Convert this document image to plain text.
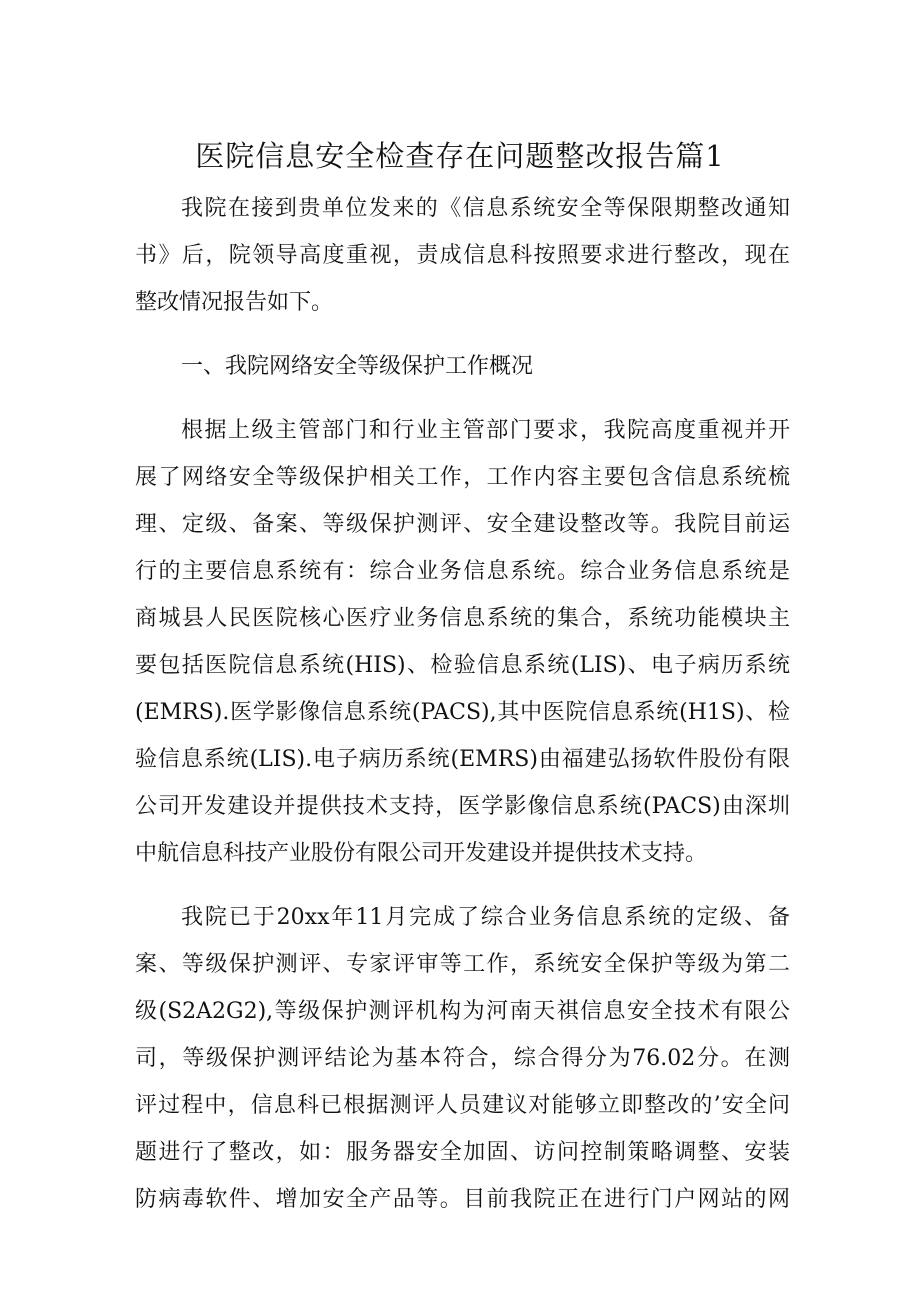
医院信息安全检查存在问题整改报告篇1
我院在接到贵单位发来的《信息系统安全等保限期整改通知
书》后，院领导高度重视，责成信息科按照要求进行整改，现在
整改情况报告如下。
一、我院网络安全等级保护工作概况
根据上级主管部门和行业主管部门要求，我院高度重视并开
展了网络安全等级保护相关工作，工作内容主要包含信息系统梳
理、定级、备案、等级保护测评、安全建设整改等。我院目前运
行的主要信息系统有：综合业务信息系统。综合业务信息系统是
商城县人民医院核心医疗业务信息系统的集合，系统功能模块主
要包括医院信息系统(HIS)、检验信息系统(LIS)、电子病历系统
(EMRS).医学影像信息系统(PACS),其中医院信息系统(H1S)、检
验信息系统(LIS).电子病历系统(EMRS)由福建弘扬软件股份有限
公司开发建设并提供技术支持，医学影像信息系统(PACS)由深圳
中航信息科技产业股份有限公司开发建设并提供技术支持。
我院已于20xx年11月完成了综合业务信息系统的定级、备
案、等级保护测评、专家评审等工作，系统安全保护等级为第二
级(S2A2G2),等级保护测评机构为河南天祺信息安全技术有限公
司，等级保护测评结论为基本符合，综合得分为76.02分。在测
评过程中，信息科已根据测评人员建议对能够立即整改的’安全问
题进行了整改，如：服务器安全加固、访问控制策略调整、安装
防病毒软件、增加安全产品等。目前我院正在进行门户网站的网
